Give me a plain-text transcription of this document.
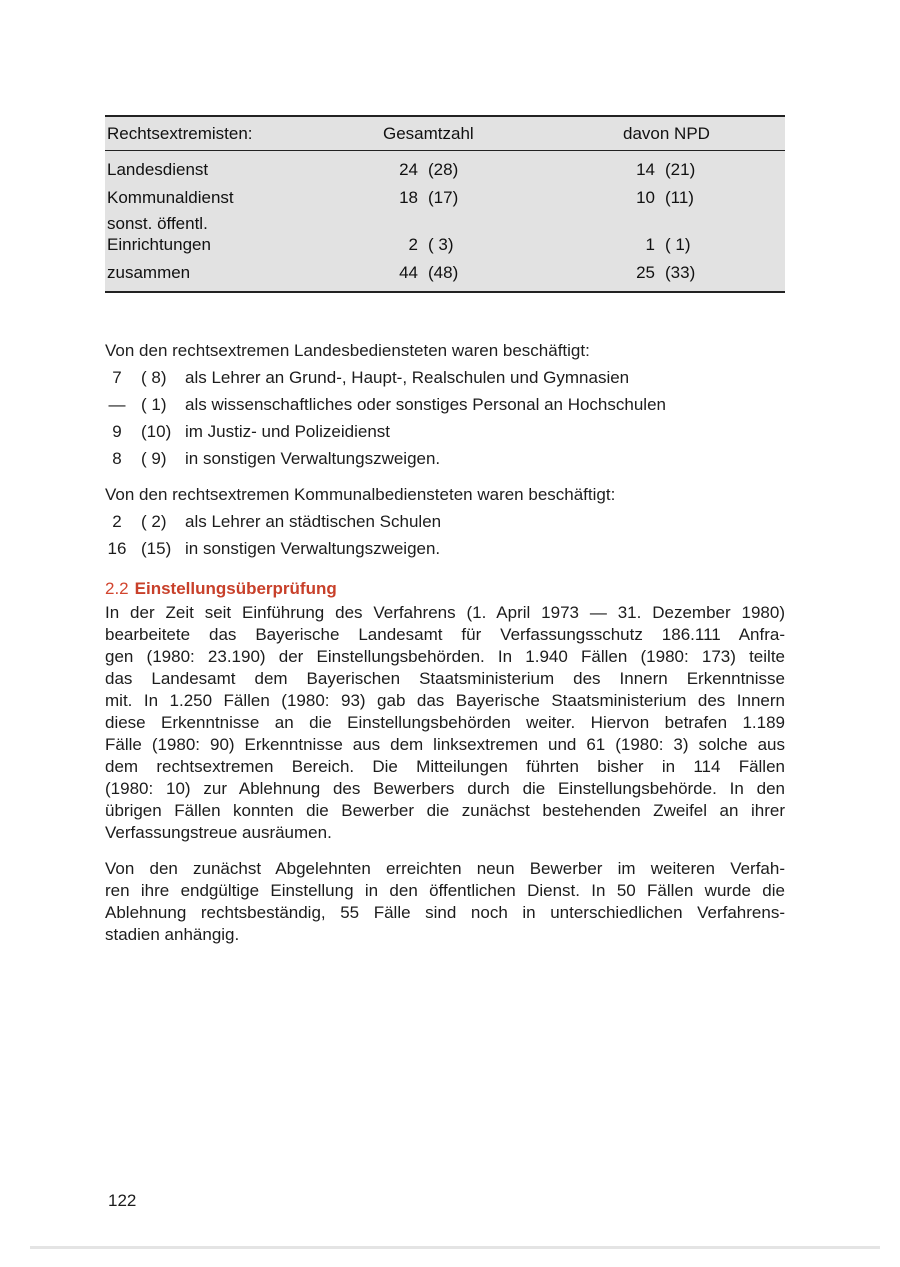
Rechtsextremisten:	Gesamtzahl	davon NPD
Landesdienst	24 (28)	14 (21)
Kommunaldienst	18 (17)	10 (11)
sonst. öffentl.
Einrichtungen	2 ( 3)	1 ( 1)
zusammen	44 (48)	25 (33)
Von den rechtsextremen Landesbediensteten waren beschäftigt:
7 ( 8) als Lehrer an Grund-, Haupt-, Realschulen und Gymnasien
— ( 1) als wissenschaftliches oder sonstiges Personal an Hochschulen
9 (10) im Justiz- und Polizeidienst
8 ( 9) in sonstigen Verwaltungszweigen.
Von den rechtsextremen Kommunalbediensteten waren beschäftigt:
2 ( 2) als Lehrer an städtischen Schulen
16 (15) in sonstigen Verwaltungszweigen.
2.2 Einstellungsüberprüfung
In der Zeit seit Einführung des Verfahrens (1. April 1973 — 31. Dezember 1980)
bearbeitete das Bayerische Landesamt für Verfassungsschutz 186.111 Anfra-
gen (1980: 23.190) der Einstellungsbehörden. In 1.940 Fällen (1980: 173) teilte
das Landesamt dem Bayerischen Staatsministerium des Innern Erkenntnisse
mit. In 1.250 Fällen (1980: 93) gab das Bayerische Staatsministerium des Innern
diese Erkenntnisse an die Einstellungsbehörden weiter. Hiervon betrafen 1.189
Fälle (1980: 90) Erkenntnisse aus dem linksextremen und 61 (1980: 3) solche aus
dem rechtsextremen Bereich. Die Mitteilungen führten bisher in 114 Fällen
(1980: 10) zur Ablehnung des Bewerbers durch die Einstellungsbehörde. In den
übrigen Fällen konnten die Bewerber die zunächst bestehenden Zweifel an ihrer
Verfassungstreue ausräumen.
Von den zunächst Abgelehnten erreichten neun Bewerber im weiteren Verfah-
ren ihre endgültige Einstellung in den öffentlichen Dienst. In 50 Fällen wurde die
Ablehnung rechtsbeständig, 55 Fälle sind noch in unterschiedlichen Verfahrens-
stadien anhängig.
122
